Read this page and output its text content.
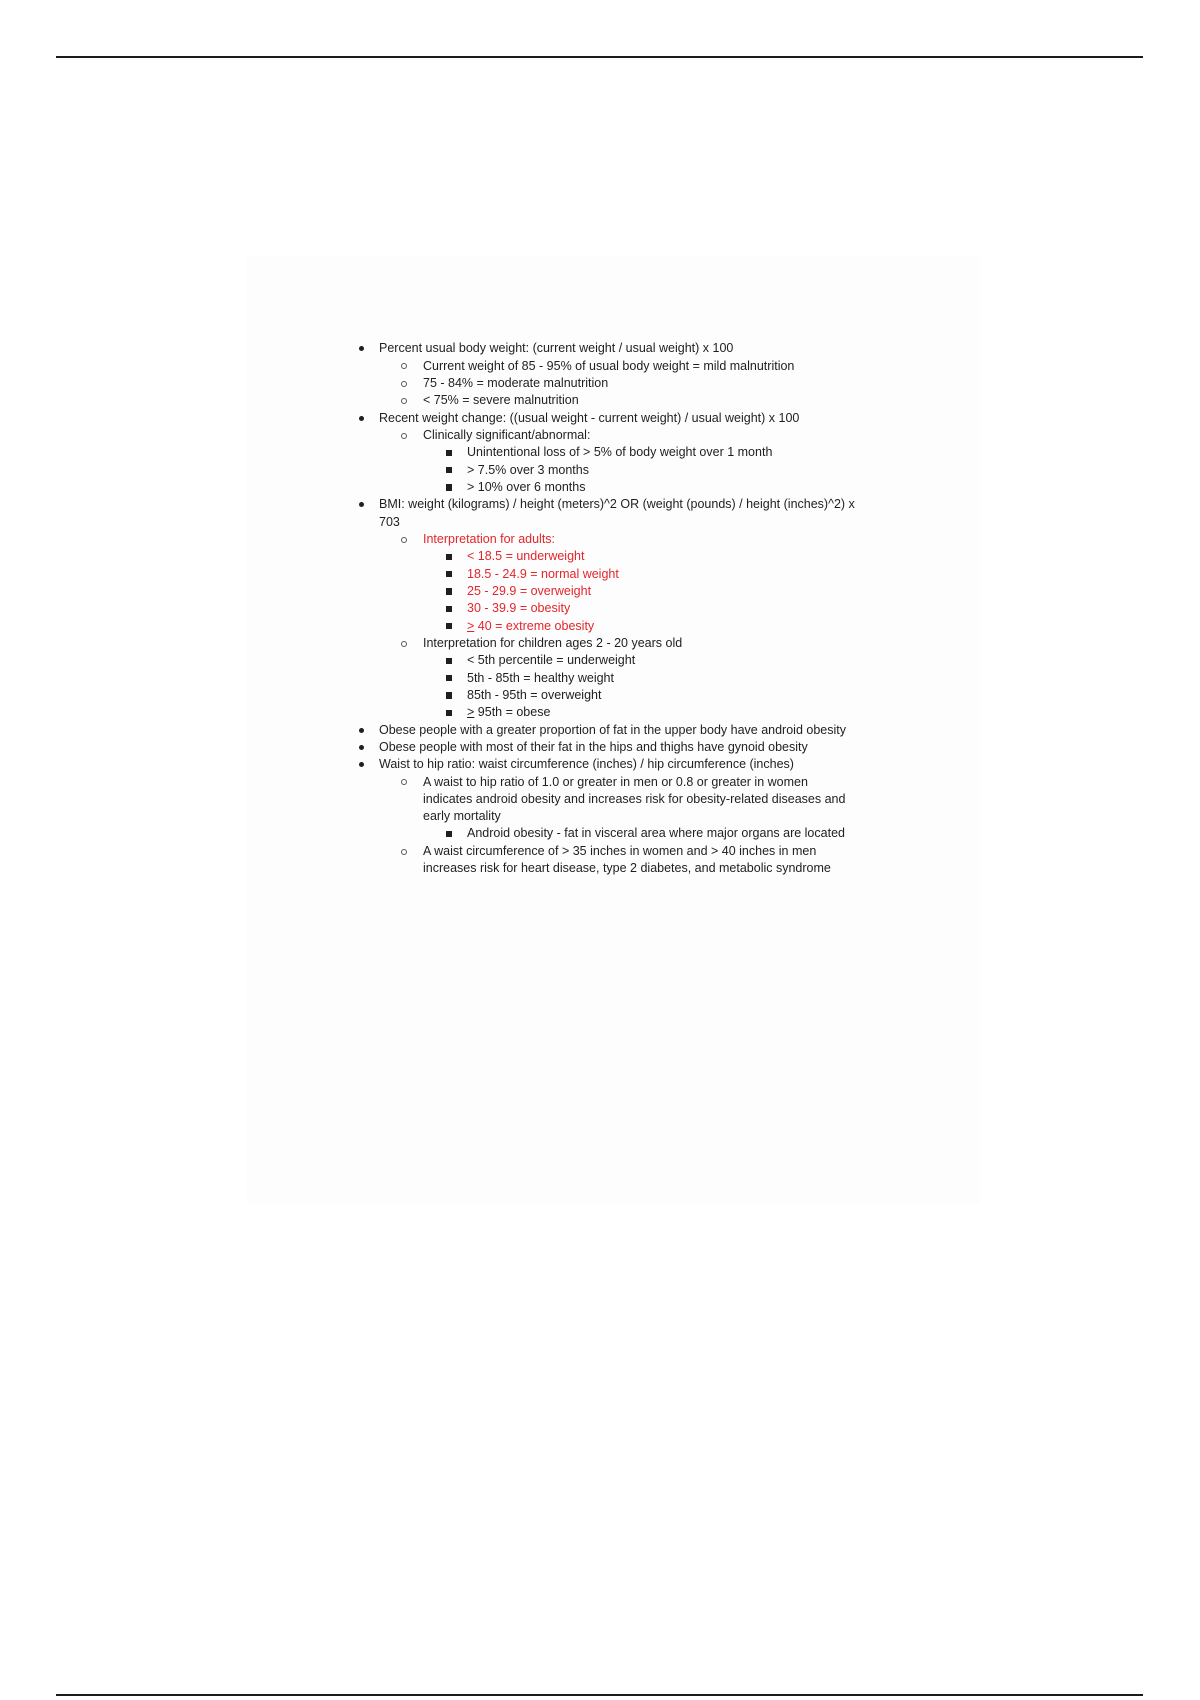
Percent usual body weight: (current weight / usual weight) x 100
Current weight of 85 - 95% of usual body weight = mild malnutrition
75 - 84% = moderate malnutrition
< 75% = severe malnutrition
Recent weight change: ((usual weight - current weight) / usual weight) x 100
Clinically significant/abnormal:
Unintentional loss of > 5% of body weight over 1 month
> 7.5% over 3 months
> 10% over 6 months
BMI: weight (kilograms) / height (meters)^2 OR (weight (pounds) / height (inches)^2) x
703
Interpretation for adults:
< 18.5 = underweight
18.5 - 24.9 = normal weight
25 - 29.9 = overweight
30 - 39.9 = obesity
> 40 = extreme obesity
Interpretation for children ages 2 - 20 years old
< 5th percentile = underweight
5th - 85th = healthy weight
85th - 95th = overweight
> 95th = obese
Obese people with a greater proportion of fat in the upper body have android obesity
Obese people with most of their fat in the hips and thighs have gynoid obesity
Waist to hip ratio: waist circumference (inches) / hip circumference (inches)
A waist to hip ratio of 1.0 or greater in men or 0.8 or greater in women
indicates android obesity and increases risk for obesity-related diseases and
early mortality
Android obesity - fat in visceral area where major organs are located
A waist circumference of > 35 inches in women and > 40 inches in men
increases risk for heart disease, type 2 diabetes, and metabolic syndrome
